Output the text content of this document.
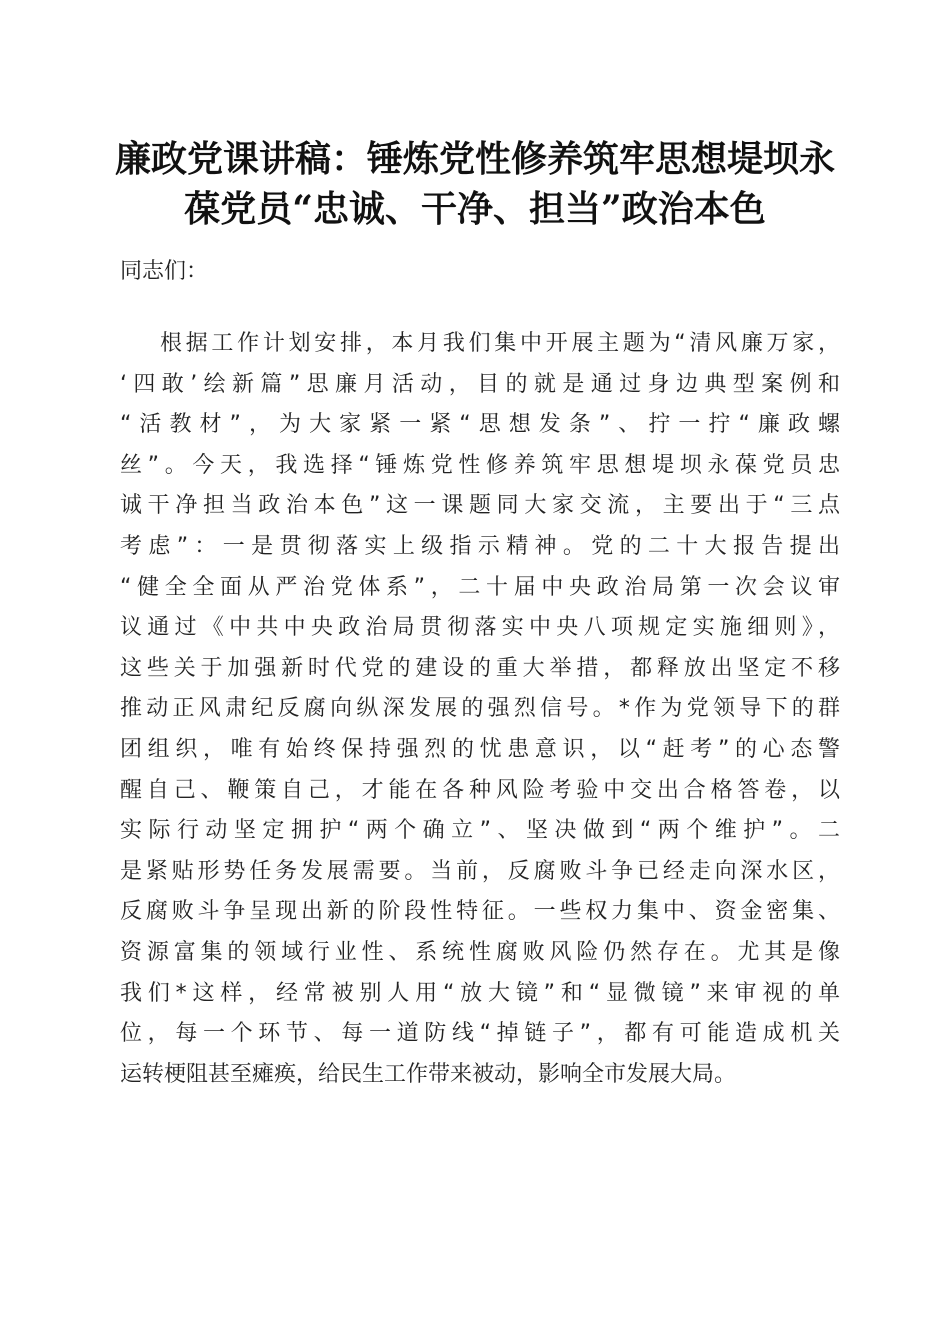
廉政党课讲稿：锤炼党性修养筑牢思想堤坝永
葆党员“忠诚、干净、担当”政治本色
同志们：
根据工作计划安排，本月我们集中开展主题为“清风廉万家，
‘四敢’绘新篇”思廉月活动，目的就是通过身边典型案例和
“活教材”，为大家紧一紧“思想发条”、拧一拧“廉政螺
丝”。今天，我选择“锤炼党性修养筑牢思想堤坝永葆党员忠
诚干净担当政治本色”这一课题同大家交流，主要出于“三点
考虑”：一是贯彻落实上级指示精神。党的二十大报告提出
“健全全面从严治党体系”，二十届中央政治局第一次会议审
议通过《中共中央政治局贯彻落实中央八项规定实施细则》，
这些关于加强新时代党的建设的重大举措，都释放出坚定不移
推动正风肃纪反腐向纵深发展的强烈信号。*作为党领导下的群
团组织，唯有始终保持强烈的忧患意识，以“赶考”的心态警
醒自己、鞭策自己，才能在各种风险考验中交出合格答卷，以
实际行动坚定拥护“两个确立”、坚决做到“两个维护”。二
是紧贴形势任务发展需要。当前，反腐败斗争已经走向深水区，
反腐败斗争呈现出新的阶段性特征。一些权力集中、资金密集、
资源富集的领域行业性、系统性腐败风险仍然存在。尤其是像
我们*这样，经常被别人用“放大镜”和“显微镜”来审视的单
位，每一个环节、每一道防线“掉链子”，都有可能造成机关
运转梗阻甚至瘫痪，给民生工作带来被动，影响全市发展大局。
